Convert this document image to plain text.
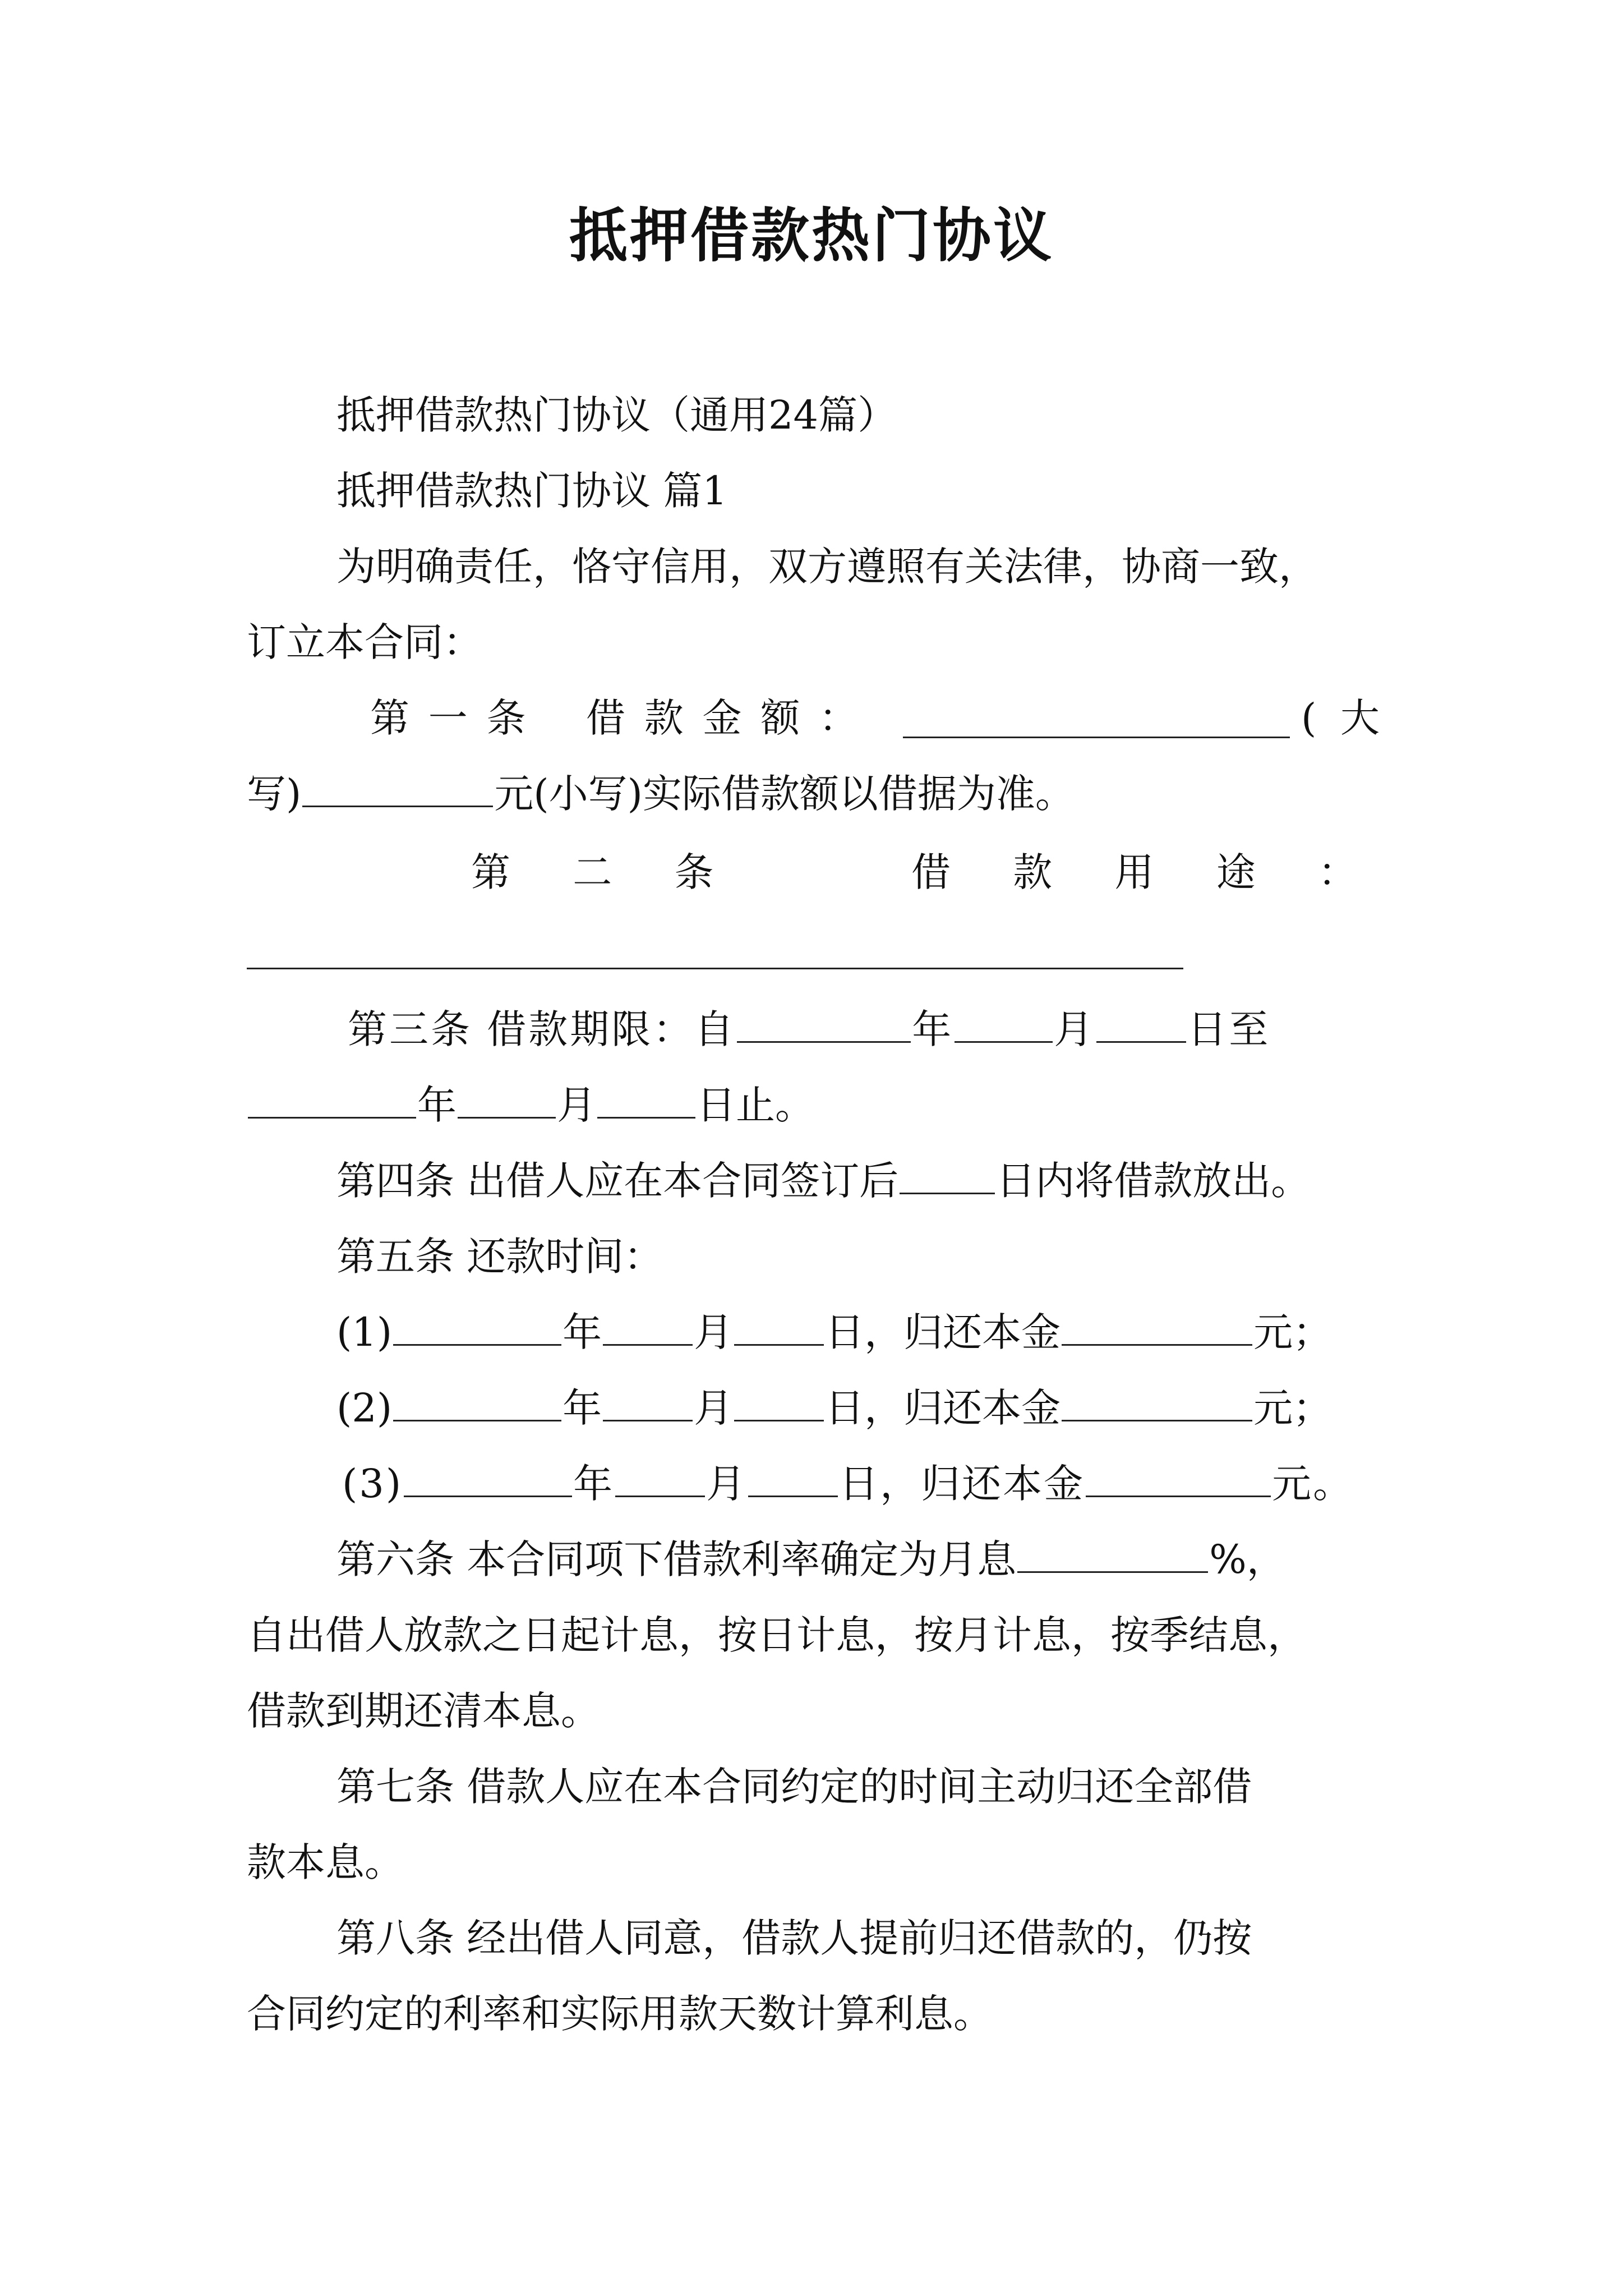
抵押借款热门协议
抵押借款热门协议（通用24篇）
抵押借款热门协议 篇1
为明确责任，恪守信用，双方遵照有关法律，协商一致，
订立本合同：
第 一 条 借 款 金 额 ：	( 大
写)	元(小写)实际借款额以借据为准。
第 二 条	借 款 用 途 ：
第三条 借款期限：自	年	月 日至
年	月	日止。
第四条 出借人应在本合同签订后 日内将借款放出。
第五条 还款时间：
(1)	年 月 日，归还本金	元；
(2)	年 月 日，归还本金	元；
(3)	年 月 日，归还本金	元。
第六条 本合同项下借款利率确定为月息	%，
自出借人放款之日起计息，按日计息，按月计息，按季结息，
借款到期还清本息。
第七条 借款人应在本合同约定的时间主动归还全部借
款本息。
第八条 经出借人同意，借款人提前归还借款的，仍按
合同约定的利率和实际用款天数计算利息。
